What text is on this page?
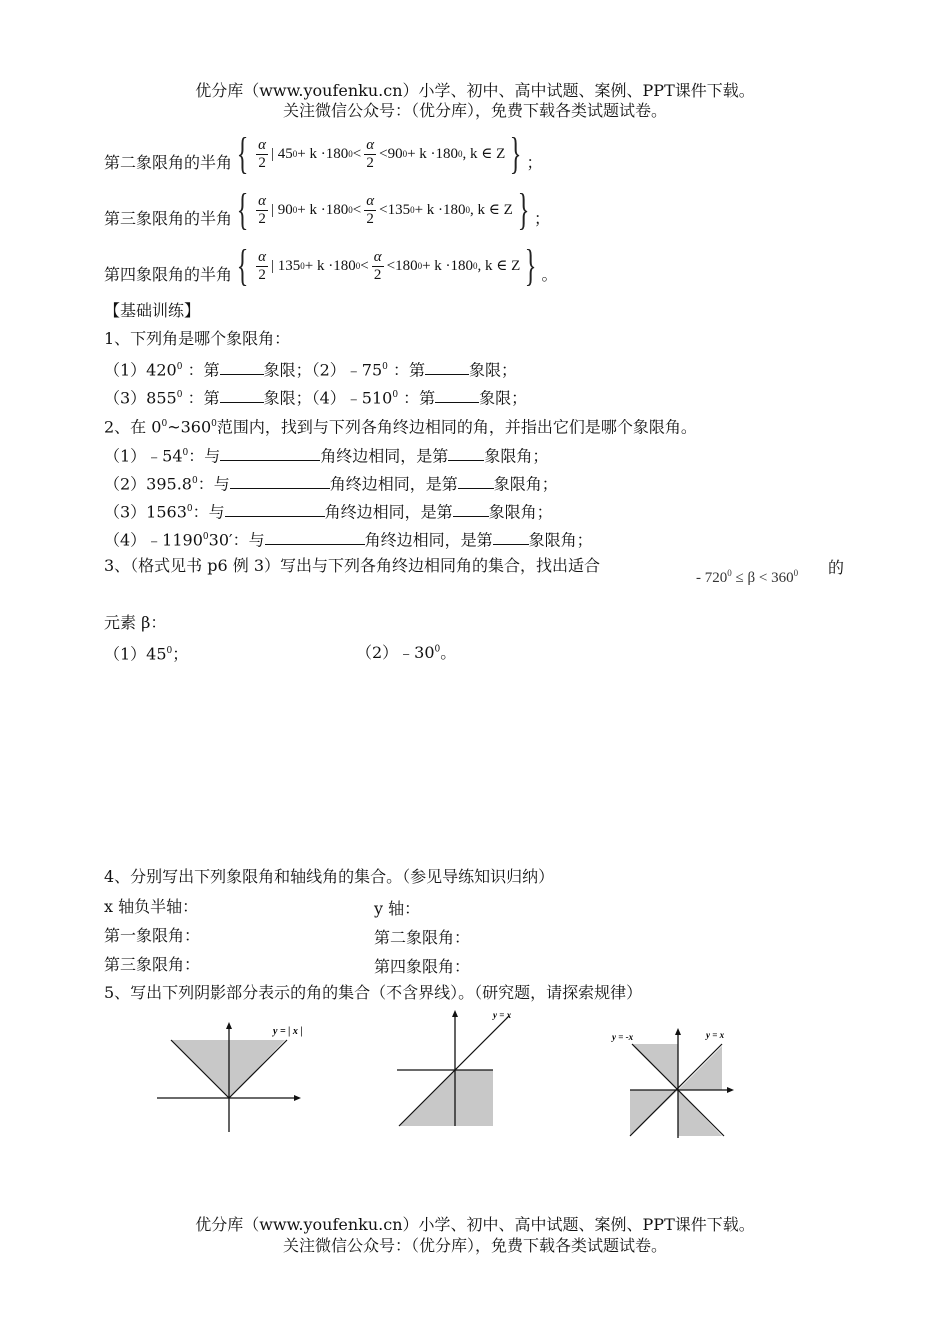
优分库（www.youfenku.cn）小学、初中、高中试题、案例、PPT课件下载。
关注微信公众号：（优分库），免费下载各类试题试卷。
第二象限角的半角 { $\frac{\alpha}{2}$ |
45 0 + k ·180 $0 < \frac{\alpha}{2} < 90$ 0 + k ·180 0 , k ∈ Z } ；
第三象限角的半角 { $\frac{\alpha}{2}$ |
90 0 + k ·180 $0 < \frac{\alpha}{2} < 135$ 0 + k ·180 0 , k ∈ Z } ；
第四象限角的半角 { $\frac{\alpha}{2}$ |
135 0 + k ·180 $0 < \frac{\alpha}{2} < 180$ 0 + k ·180 0 , k ∈ Z } 。
【基础训练】
1、下列角是哪个象限角：
$(1)420^0$ ：第	象限；$(2)﹣75^0$ ：第	象限；
$(3)855^0$ ：第	象限；$(4)﹣510^0$ ：第	象限；
2、在 $0^0\sim 360^0$范围内，找到与下列各角终边相同的角，并指出它们是哪个象限角。
$(1)﹣54^0$：与	角终边相同，是第 象限角；
（2）395.8$^0$：与	角终边相同，是第 象限角；
（3）1563$^0$：与	角终边相同，是第 象限角；
（4）﹣1190$^0$30′：与	角终边相同，是第 象限角；
3、（格式见书 p6 例 3）写出与下列各角终边相同角的集合，找出适合
- $720^0 \le \beta < 360^0$ 的
元素 β：
$(1)45^0$；	$(2)﹣30^0$。
4、分别写出下列象限角和轴线角的集合。（参见导练知识归纳）
x 轴负半轴：	y 轴：
第一象限角：	第二象限角：
第三象限角：	第四象限角：
5、写出下列阴影部分表示的角的集合（不含界线）。（研究题，请探索规律）
y = | x |
y = x
y = -x	y = x
优分库（www.youfenku.cn）小学、初中、高中试题、案例、PPT课件下载。
关注微信公众号：（优分库），免费下载各类试题试卷。
